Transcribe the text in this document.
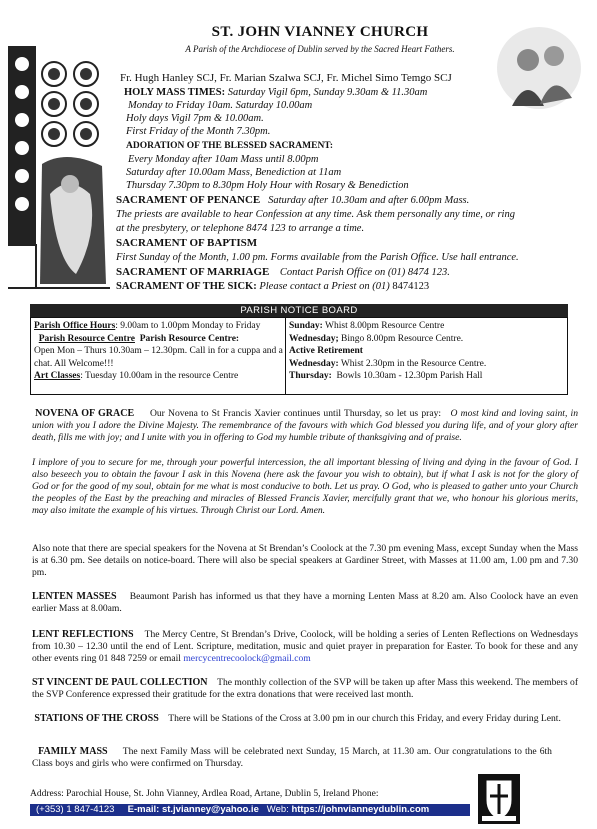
ST. JOHN VIANNEY CHURCH
A Parish of the Archdiocese of Dublin served by the Sacred Heart Fathers.
Fr. Hugh Hanley SCJ, Fr. Marian Szalwa SCJ, Fr. Michel Simo Temgo SCJ
HOLY MASS TIMES: Saturday Vigil 6pm, Sunday 9.30am & 11.30am
Monday to Friday 10am. Saturday 10.00am
Holy days Vigil 7pm & 10.00am.
First Friday of the Month 7.30pm.
ADORATION OF THE BLESSED SACRAMENT:
Every Monday after 10am Mass until 8.00pm
Saturday after 10.00am Mass, Benediction at 11am
Thursday 7.30pm to 8.30pm Holy Hour with Rosary & Benediction
SACRAMENT OF PENANCE Saturday after 10.30am and after 6.00pm Mass.
The priests are available to hear Confession at any time. Ask them personally any time, or ring
at the presbytery, or telephone 8474 123 to arrange a time.
SACRAMENT OF BAPTISM
First Sunday of the Month, 1.00 pm. Forms available from the Parish Office. Use hall entrance.
SACRAMENT OF MARRIAGE Contact Parish Office on (01) 8474 123.
SACRAMENT OF THE SICK: Please contact a Priest on (01) 8474123
PARISH NOTICE BOARD
Parish Office Hours: 9.00am to 1.00pm Monday to Friday
Parish Resource Centre Parish Resource Centre:
Open Mon – Thurs 10.30am – 12.30pm. Call in for a cuppa and a chat. All Welcome!!!
Art Classes: Tuesday 10.00am in the resource Centre
Sunday: Whist 8.00pm Resource Centre
Wednesday; Bingo 8.00pm Resource Centre.
Active Retirement
Wednesday: Whist 2.30pm in the Resource Centre.
Thursday: Bowls 10.30am - 12.30pm Parish Hall
NOVENA OF GRACE Our Novena to St Francis Xavier continues until Thursday, so let us pray: O most kind and loving saint, in union with you I adore the Divine Majesty. The remembrance of the favours with which God blessed you during life, and of your glory after death, fills me with joy; and I unite with you in offering to God my humble tribute of thanksgiving and of praise.
I implore of you to secure for me, through your powerful intercession, the all important blessing of living and dying in the favour of God. I also beseech you to obtain the favour I ask in this Novena (here ask the favour you wish to obtain), but if what I ask is not for the glory of God or for the good of my soul, obtain for me what is most conducive to both. Let us pray. O God, who is pleased to gather unto your Church the peoples of the East by the preaching and miracles of Blessed Francis Xavier, mercifully grant that we, who honour his glorious merits, may also imitate the example of his virtues. Through Christ our Lord. Amen.
Also note that there are special speakers for the Novena at St Brendan’s Coolock at the 7.30 pm evening Mass, except Sunday when the Mass is at 6.30 pm. See details on notice-board. There will also be special speakers at Gardiner Street, with Masses at 11.00 am, 1.00 pm and 7.30 pm.
LENTEN MASSES Beaumont Parish has informed us that they have a morning Lenten Mass at 8.20 am. Also Coolock have an even earlier Mass at 8.00am.
LENT REFLECTIONS The Mercy Centre, St Brendan’s Drive, Coolock, will be holding a series of Lenten Reflections on Wednesdays from 10.30 – 12.30 until the end of Lent. Scripture, meditation, music and quiet prayer in preparation for Easter. To book for these and any other events ring 01 848 7259 or email mercycentrecoolock@gmail.com
ST VINCENT DE PAUL COLLECTION The monthly collection of the SVP will be taken up after Mass this weekend. The members of the SVP Conference expressed their gratitude for the extra donations that were received last month.
STATIONS OF THE CROSS There will be Stations of the Cross at 3.00 pm in our church this Friday, and every Friday during Lent.
FAMILY MASS The next Family Mass will be celebrated next Sunday, 15 March, at 11.30 am. Our congratulations to the 6th Class boys and girls who were confirmed on Thursday.
Address: Parochial House, St. John Vianney, Ardlea Road, Artane, Dublin 5, Ireland Phone:
(+353) 1 847-4123 E-mail: st.jvianney@yahoo.ie Web: https://johnvianneydublin.com
